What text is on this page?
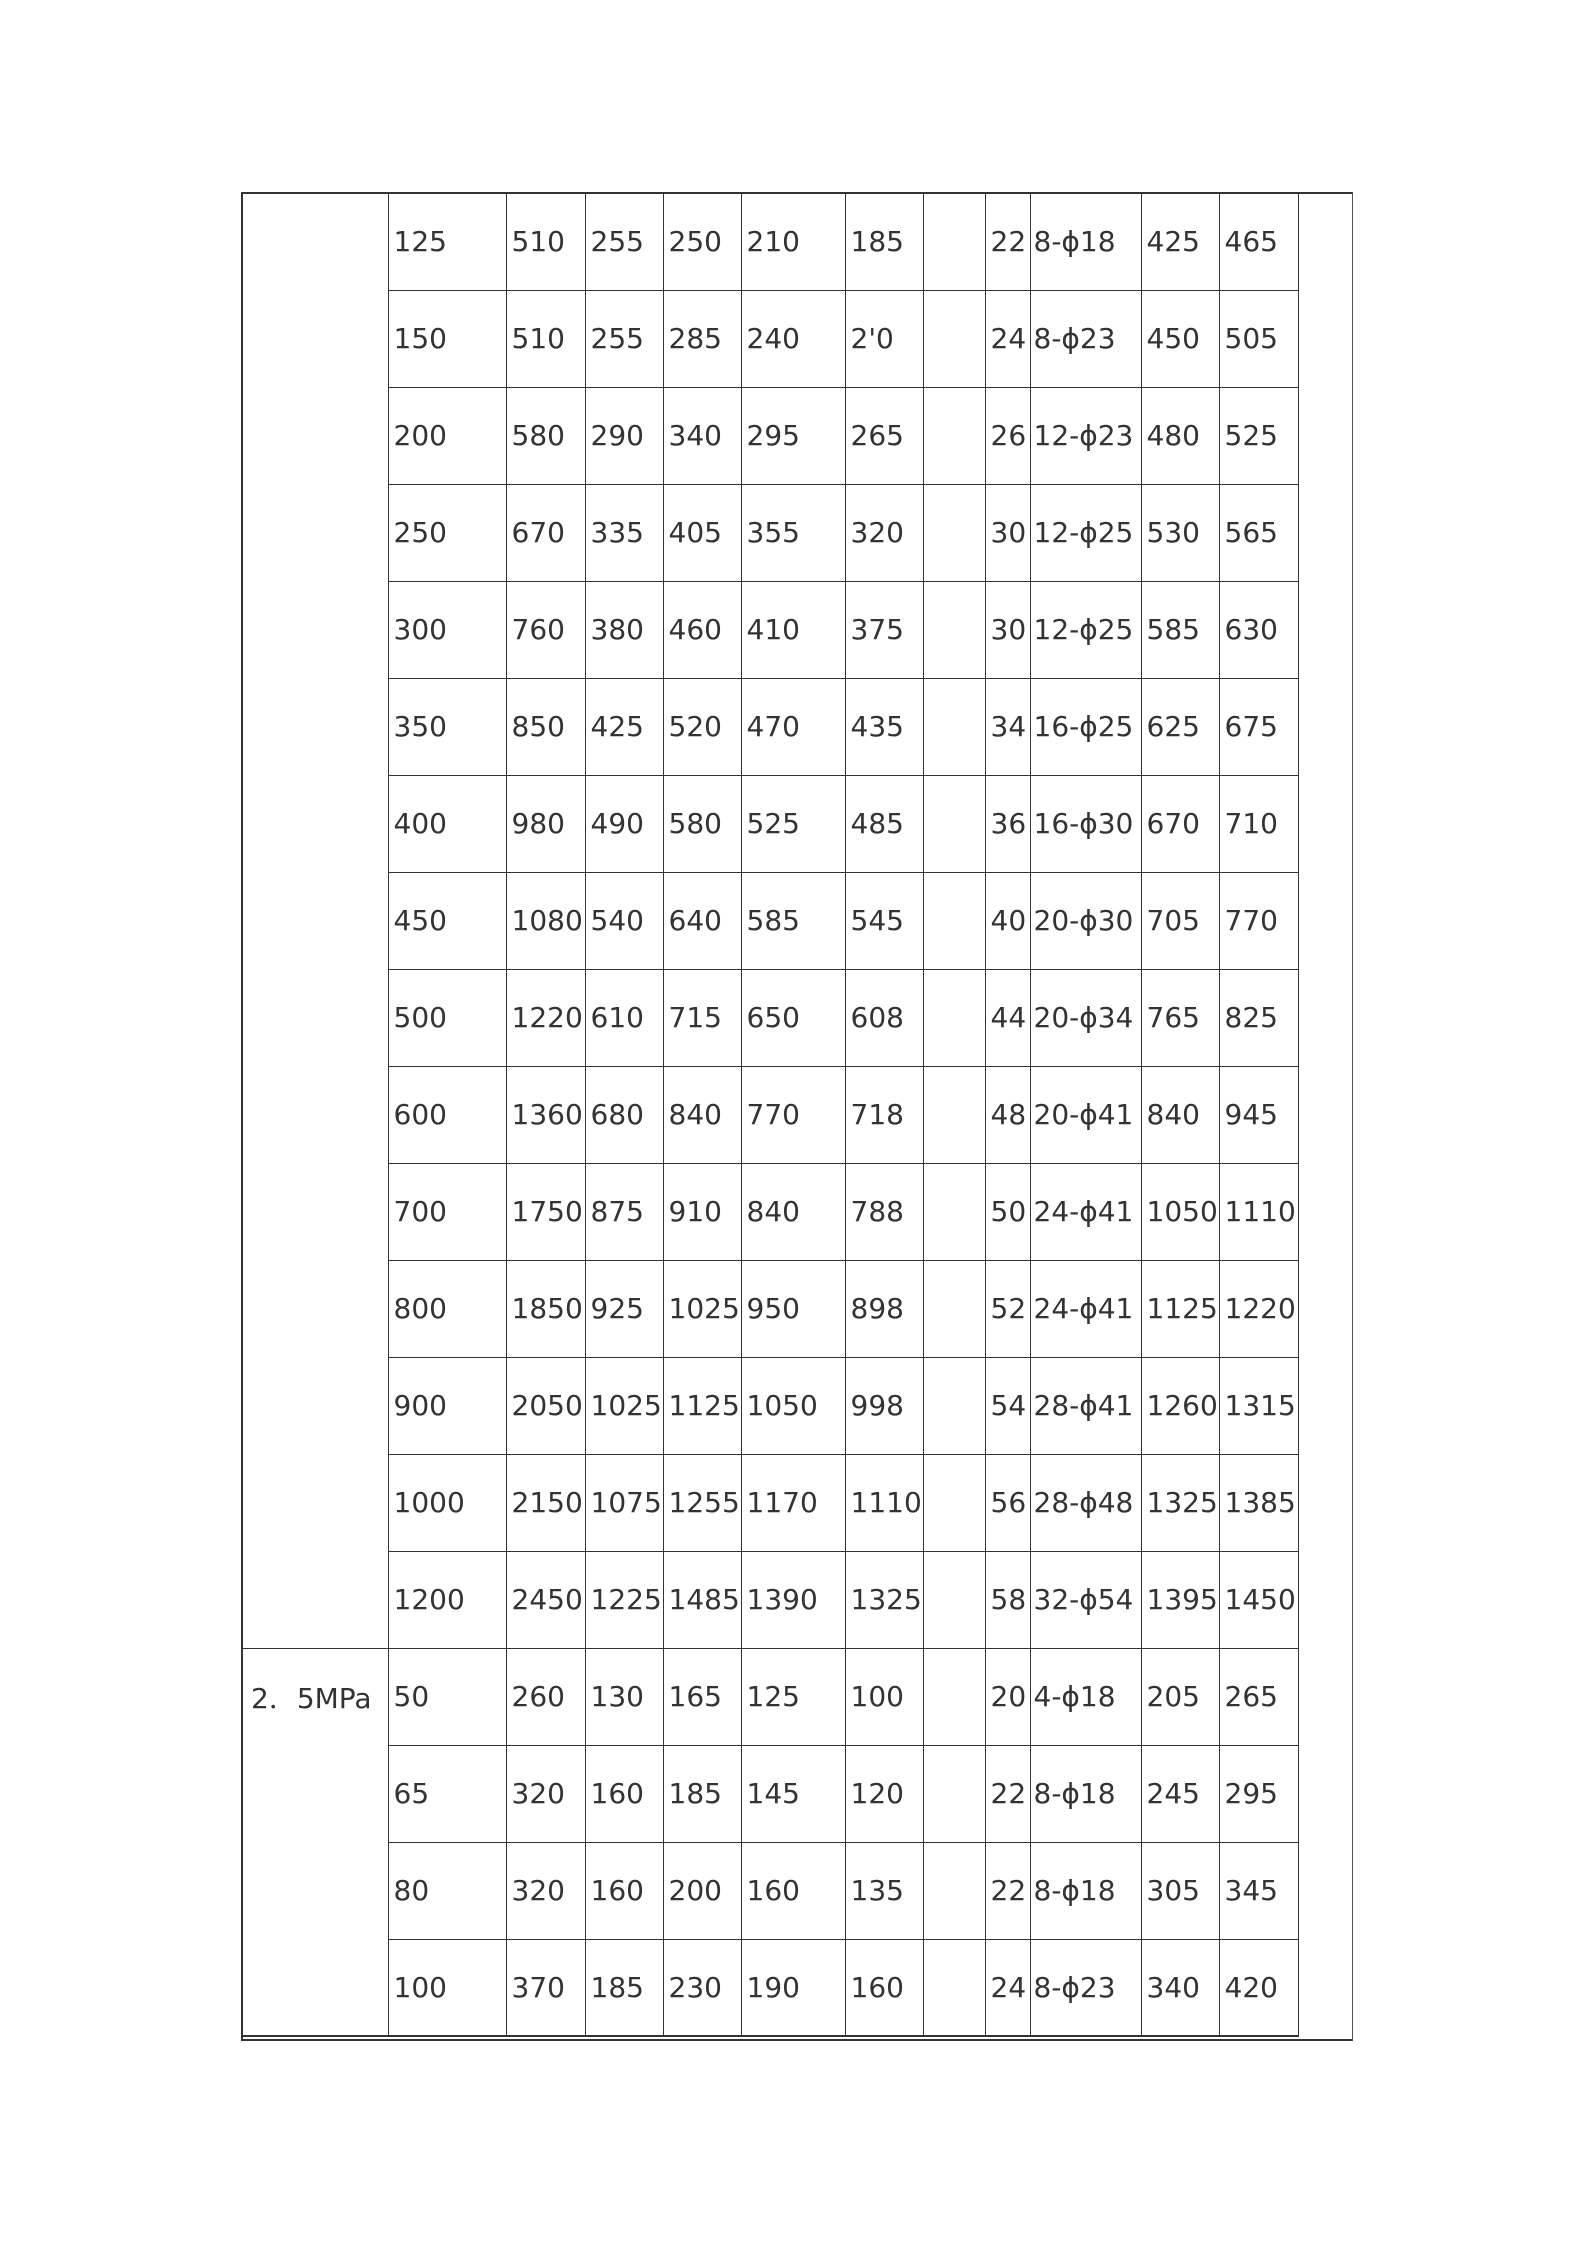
	125	510	255	250	210	185		22	8-ϕ18	425	465
	150	510	255	285	240	2'0		24	8-ϕ23	450	505
	200	580	290	340	295	265		26	12-ϕ23	480	525
	250	670	335	405	355	320		30	12-ϕ25	530	565
	300	760	380	460	410	375		30	12-ϕ25	585	630
	350	850	425	520	470	435		34	16-ϕ25	625	675
	400	980	490	580	525	485		36	16-ϕ30	670	710
	450	1080	540	640	585	545		40	20-ϕ30	705	770
	500	1220	610	715	650	608		44	20-ϕ34	765	825
	600	1360	680	840	770	718		48	20-ϕ41	840	945
	700	1750	875	910	840	788		50	24-ϕ41	1050	1110
	800	1850	925	1025	950	898		52	24-ϕ41	1125	1220
	900	2050	1025	1125	1050	998		54	28-ϕ41	1260	1315
	1000	2150	1075	1255	1170	1110		56	28-ϕ48	1325	1385
	1200	2450	1225	1485	1390	1325		58	32-ϕ54	1395	1450
2．5MPa	50	260	130	165	125	100		20	4-ϕ18	205	265
	65	320	160	185	145	120		22	8-ϕ18	245	295
	80	320	160	200	160	135		22	8-ϕ18	305	345
	100	370	185	230	190	160		24	8-ϕ23	340	420
